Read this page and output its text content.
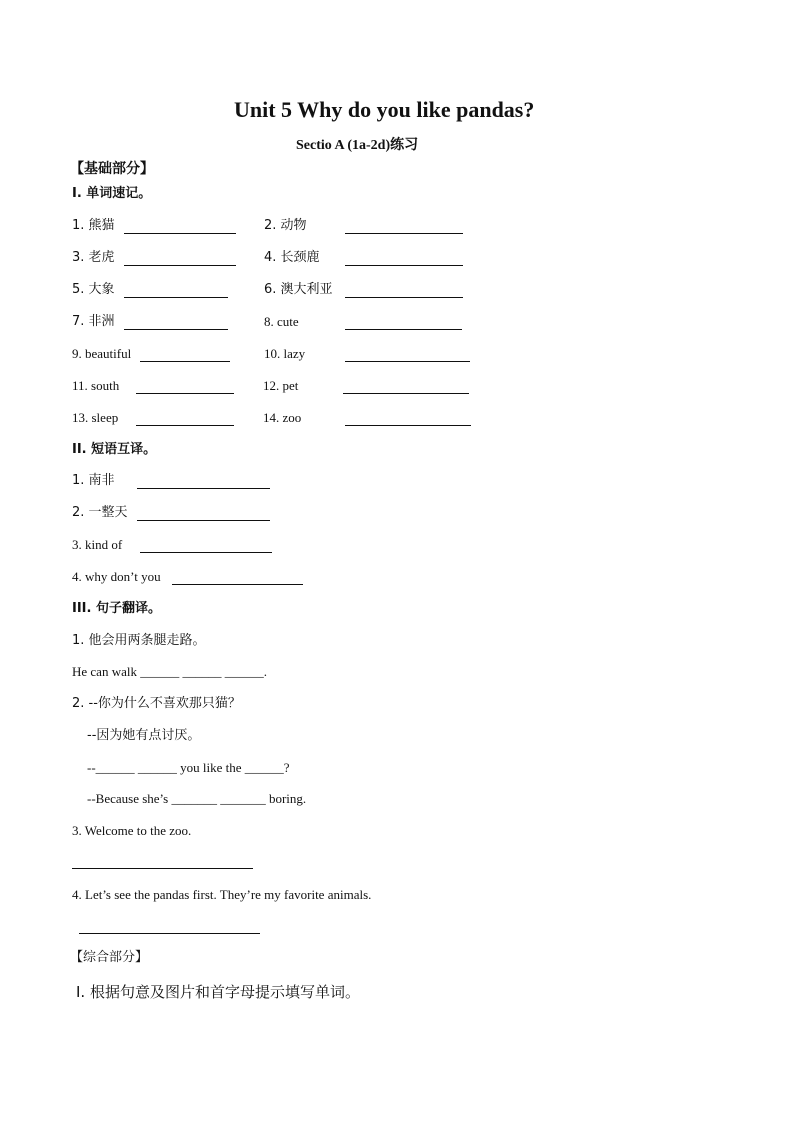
Unit 5 Why do you like pandas?
Sectio A (1a-2d)练习
【基础部分】
I. 单词速记。
1. 熊猫	2. 动物
3. 老虎	4. 长颈鹿
5. 大象	6. 澳大利亚
7. 非洲	8. cute
9. beautiful	10. lazy
11. south	12. pet
13. sleep	14. zoo
II. 短语互译。
1. 南非
2. 一整天
3. kind of
4. why don’t you
III. 句子翻译。
1. 他会用两条腿走路。
He can walk ______ ______ ______.
2. --你为什么不喜欢那只猫？
--因为她有点讨厌。
--______ ______ you like the ______?
--Because she’s _______ _______ boring.
3. Welcome to the zoo.
4. Let’s see the pandas first. They’re my favorite animals.
【综合部分】
Ⅰ. 根据句意及图片和首字母提示填写单词。
